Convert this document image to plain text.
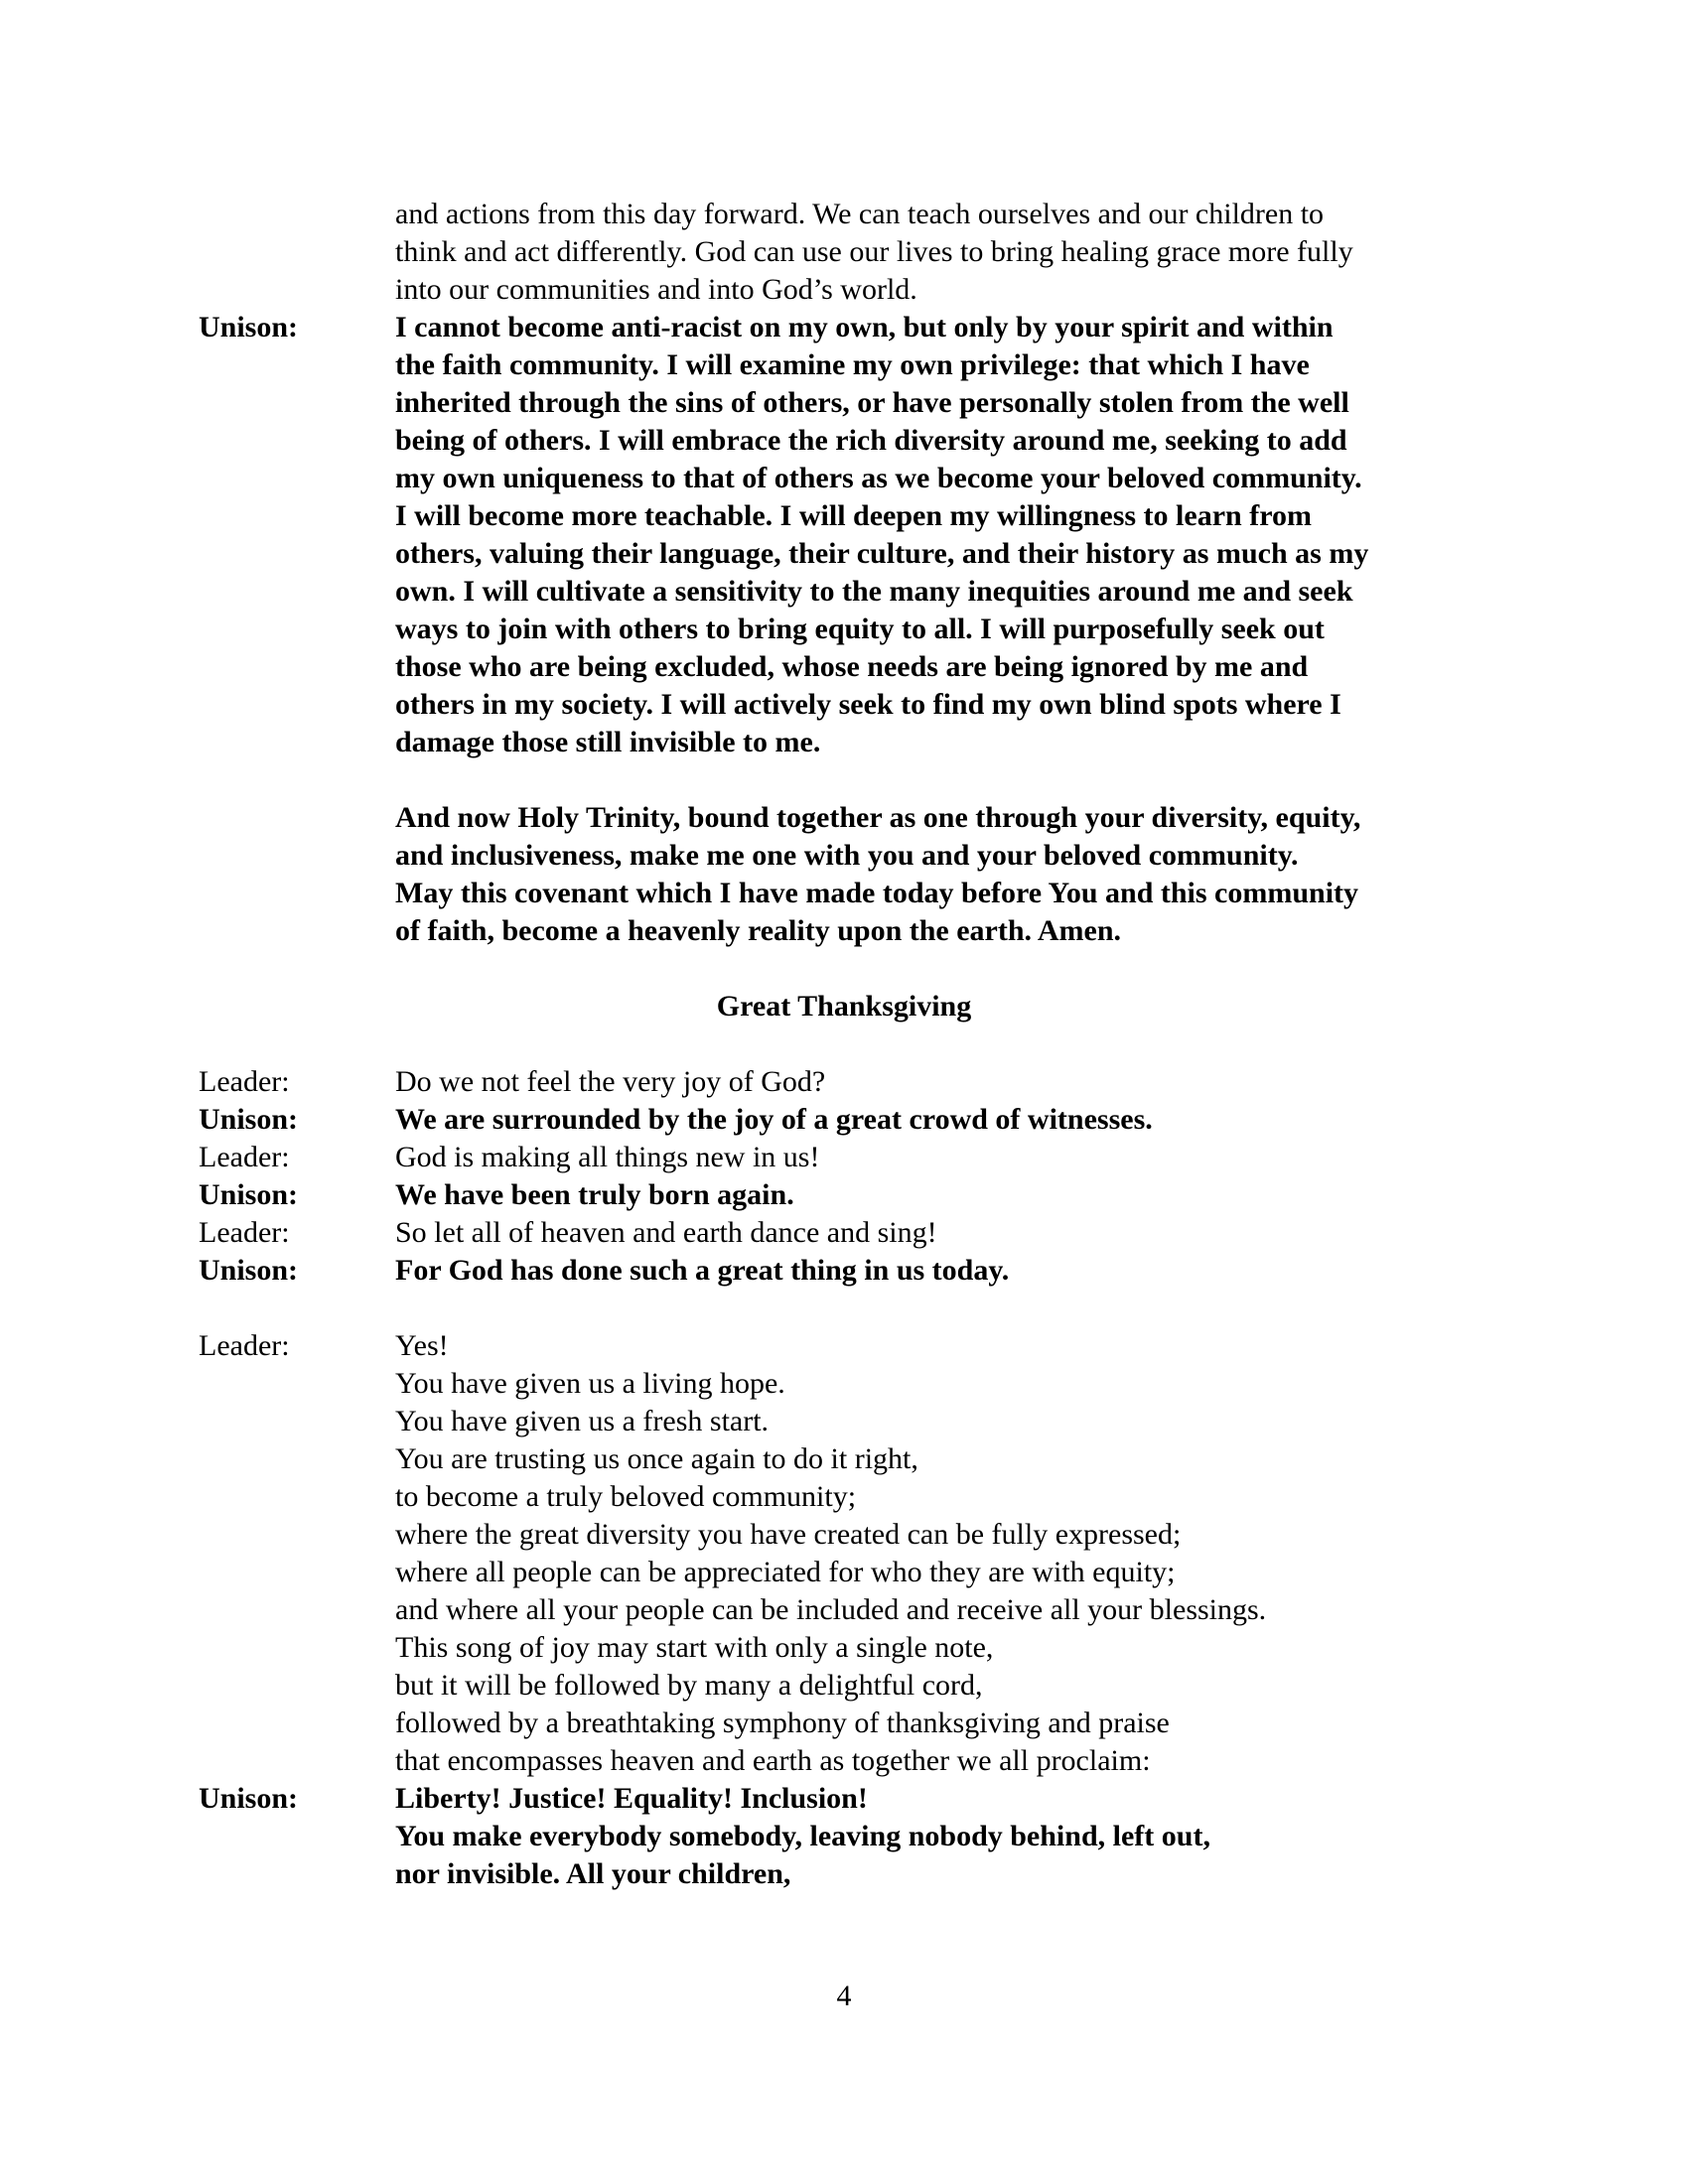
and actions from this day forward. We can teach ourselves and our children to
think and act differently. God can use our lives to bring healing grace more fully
into our communities and into God’s world.
Unison:	I cannot become anti-racist on my own, but only by your spirit and within
the faith community. I will examine my own privilege: that which I have
inherited through the sins of others, or have personally stolen from the well
being of others. I will embrace the rich diversity around me, seeking to add
my own uniqueness to that of others as we become your beloved community.
I will become more teachable. I will deepen my willingness to learn from
others, valuing their language, their culture, and their history as much as my
own. I will cultivate a sensitivity to the many inequities around me and seek
ways to join with others to bring equity to all. I will purposefully seek out
those who are being excluded, whose needs are being ignored by me and
others in my society. I will actively seek to find my own blind spots where I
damage those still invisible to me.
And now Holy Trinity, bound together as one through your diversity, equity,
and inclusiveness, make me one with you and your beloved community.
May this covenant which I have made today before You and this community
of faith, become a heavenly reality upon the earth. Amen.
Great Thanksgiving
Leader:	Do we not feel the very joy of God?
Unison:	We are surrounded by the joy of a great crowd of witnesses.
Leader:	God is making all things new in us!
Unison:	We have been truly born again.
Leader:	So let all of heaven and earth dance and sing!
Unison:	For God has done such a great thing in us today.
Leader:	Yes!
You have given us a living hope.
You have given us a fresh start.
You are trusting us once again to do it right,
to become a truly beloved community;
where the great diversity you have created can be fully expressed;
where all people can be appreciated for who they are with equity;
and where all your people can be included and receive all your blessings.
This song of joy may start with only a single note,
but it will be followed by many a delightful cord,
followed by a breathtaking symphony of thanksgiving and praise
that encompasses heaven and earth as together we all proclaim:
Unison:	Liberty! Justice! Equality! Inclusion!
You make everybody somebody, leaving nobody behind, left out,
nor invisible. All your children,
4
